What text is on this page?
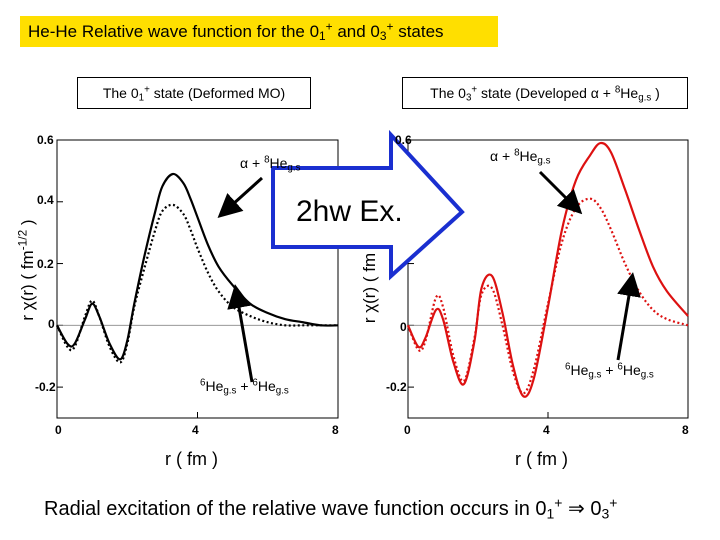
He-He Relative wave function for the $0_1^+$ and $0_3^+$ states
The $0_1^+$ state (Deformed MO)	The $0_3^+$ state (Developed $\alpha + ^8He_{g.s}$ )
2hw Ex.
0.6
0.4
0.2
0
-0.2
0	4	8
0.6
0
-0.2
0	4	8
r χ(r) ( $fm^{-1/2}$ )
r χ(r) ( fm
r ( fm )	r ( fm )
$\alpha + ^8He_{g.s}$
$^6He_{g.s} + ^6He_{g.s}$
$\alpha + ^8He_{g.s}$
$^6He_{g.s} + ^6He_{g.s}$
Radial excitation of the relative wave function occurs in $0_1^+$ ⇒ $0_3^+$
